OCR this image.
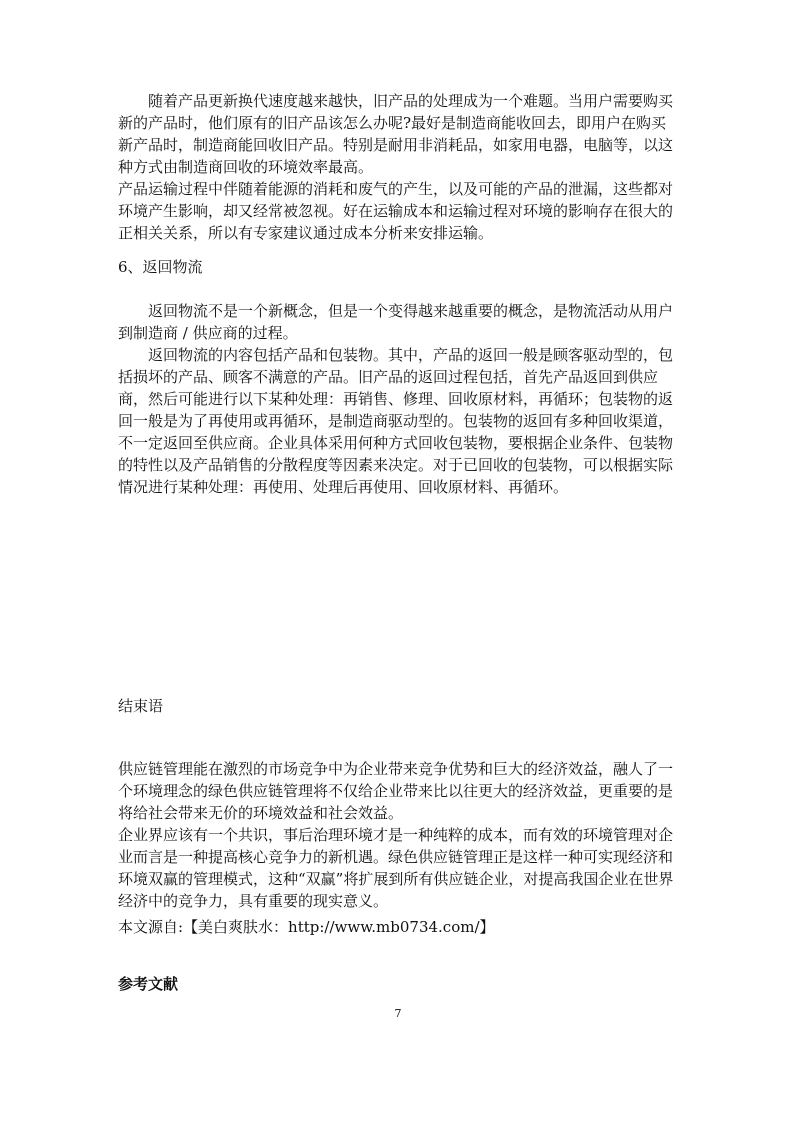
随着产品更新换代速度越来越快，旧产品的处理成为一个难题。当用户需要购买新的产品时，他们原有的旧产品该怎么办呢?最好是制造商能收回去，即用户在购买新产品时，制造商能回收旧产品。特别是耐用非消耗品，如家用电器，电脑等，以这种方式由制造商回收的环境效率最高。

产品运输过程中伴随着能源的消耗和废气的产生，以及可能的产品的泄漏，这些都对环境产生影响，却又经常被忽视。好在运输成本和运输过程对环境的影响存在很大的正相关关系，所以有专家建议通过成本分析来安排运输。

6、返回物流

返回物流不是一个新概念，但是一个变得越来越重要的概念，是物流活动从用户到制造商 / 供应商的过程。

返回物流的内容包括产品和包装物。其中，产品的返回一般是顾客驱动型的，包括损坏的产品、顾客不满意的产品。旧产品的返回过程包括，首先产品返回到供应商，然后可能进行以下某种处理：再销售、修理、回收原材料，再循环；包装物的返回一般是为了再使用或再循环，是制造商驱动型的。包装物的返回有多种回收渠道，不一定返回至供应商。企业具体采用何种方式回收包装物，要根据企业条件、包装物的特性以及产品销售的分散程度等因素来决定。对于已回收的包装物，可以根据实际情况进行某种处理：再使用、处理后再使用、回收原材料、再循环。

结束语

供应链管理能在激烈的市场竞争中为企业带来竞争优势和巨大的经济效益，融人了一个环境理念的绿色供应链管理将不仅给企业带来比以往更大的经济效益，更重要的是将给社会带来无价的环境效益和社会效益。

企业界应该有一个共识，事后治理环境才是一种纯粹的成本，而有效的环境管理对企业而言是一种提高核心竞争力的新机遇。绿色供应链管理正是这样一种可实现经济和环境双赢的管理模式，这种“双赢”将扩展到所有供应链企业，对提高我国企业在世界经济中的竞争力，具有重要的现实意义。

本文源自:【美白爽肤水：http://www.mb0734.com/】

参考文献

7
